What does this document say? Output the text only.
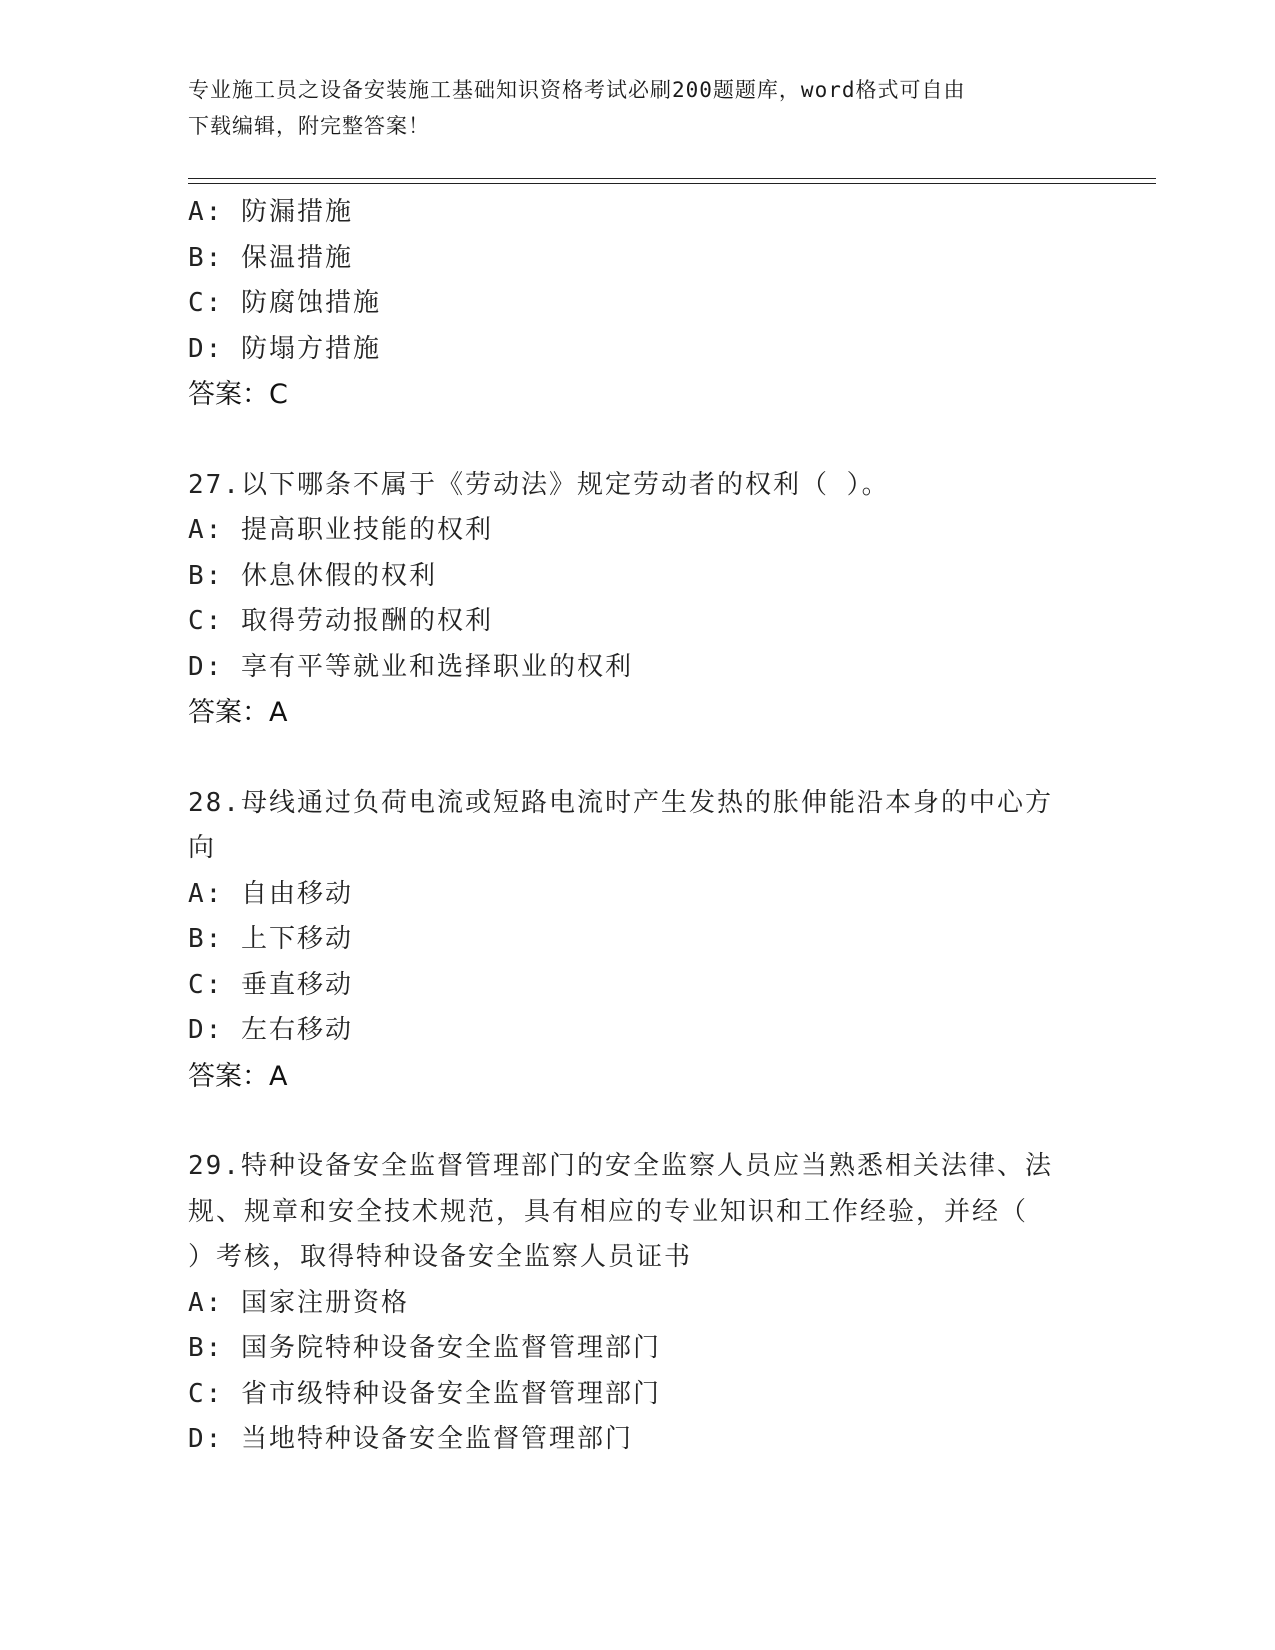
专业施工员之设备安装施工基础知识资格考试必刷200题题库，word格式可自由
下载编辑，附完整答案！
A: 防漏措施
B: 保温措施
C: 防腐蚀措施
D: 防塌方措施
答案：C
27.以下哪条不属于《劳动法》规定劳动者的权利（ ）。
A: 提高职业技能的权利
B: 休息休假的权利
C: 取得劳动报酬的权利
D: 享有平等就业和选择职业的权利
答案：A
28.母线通过负荷电流或短路电流时产生发热的胀伸能沿本身的中心方
向
A: 自由移动
B: 上下移动
C: 垂直移动
D: 左右移动
答案：A
29.特种设备安全监督管理部门的安全监察人员应当熟悉相关法律、法
规、规章和安全技术规范，具有相应的专业知识和工作经验，并经（
）考核，取得特种设备安全监察人员证书
A: 国家注册资格
B: 国务院特种设备安全监督管理部门
C: 省市级特种设备安全监督管理部门
D: 当地特种设备安全监督管理部门
